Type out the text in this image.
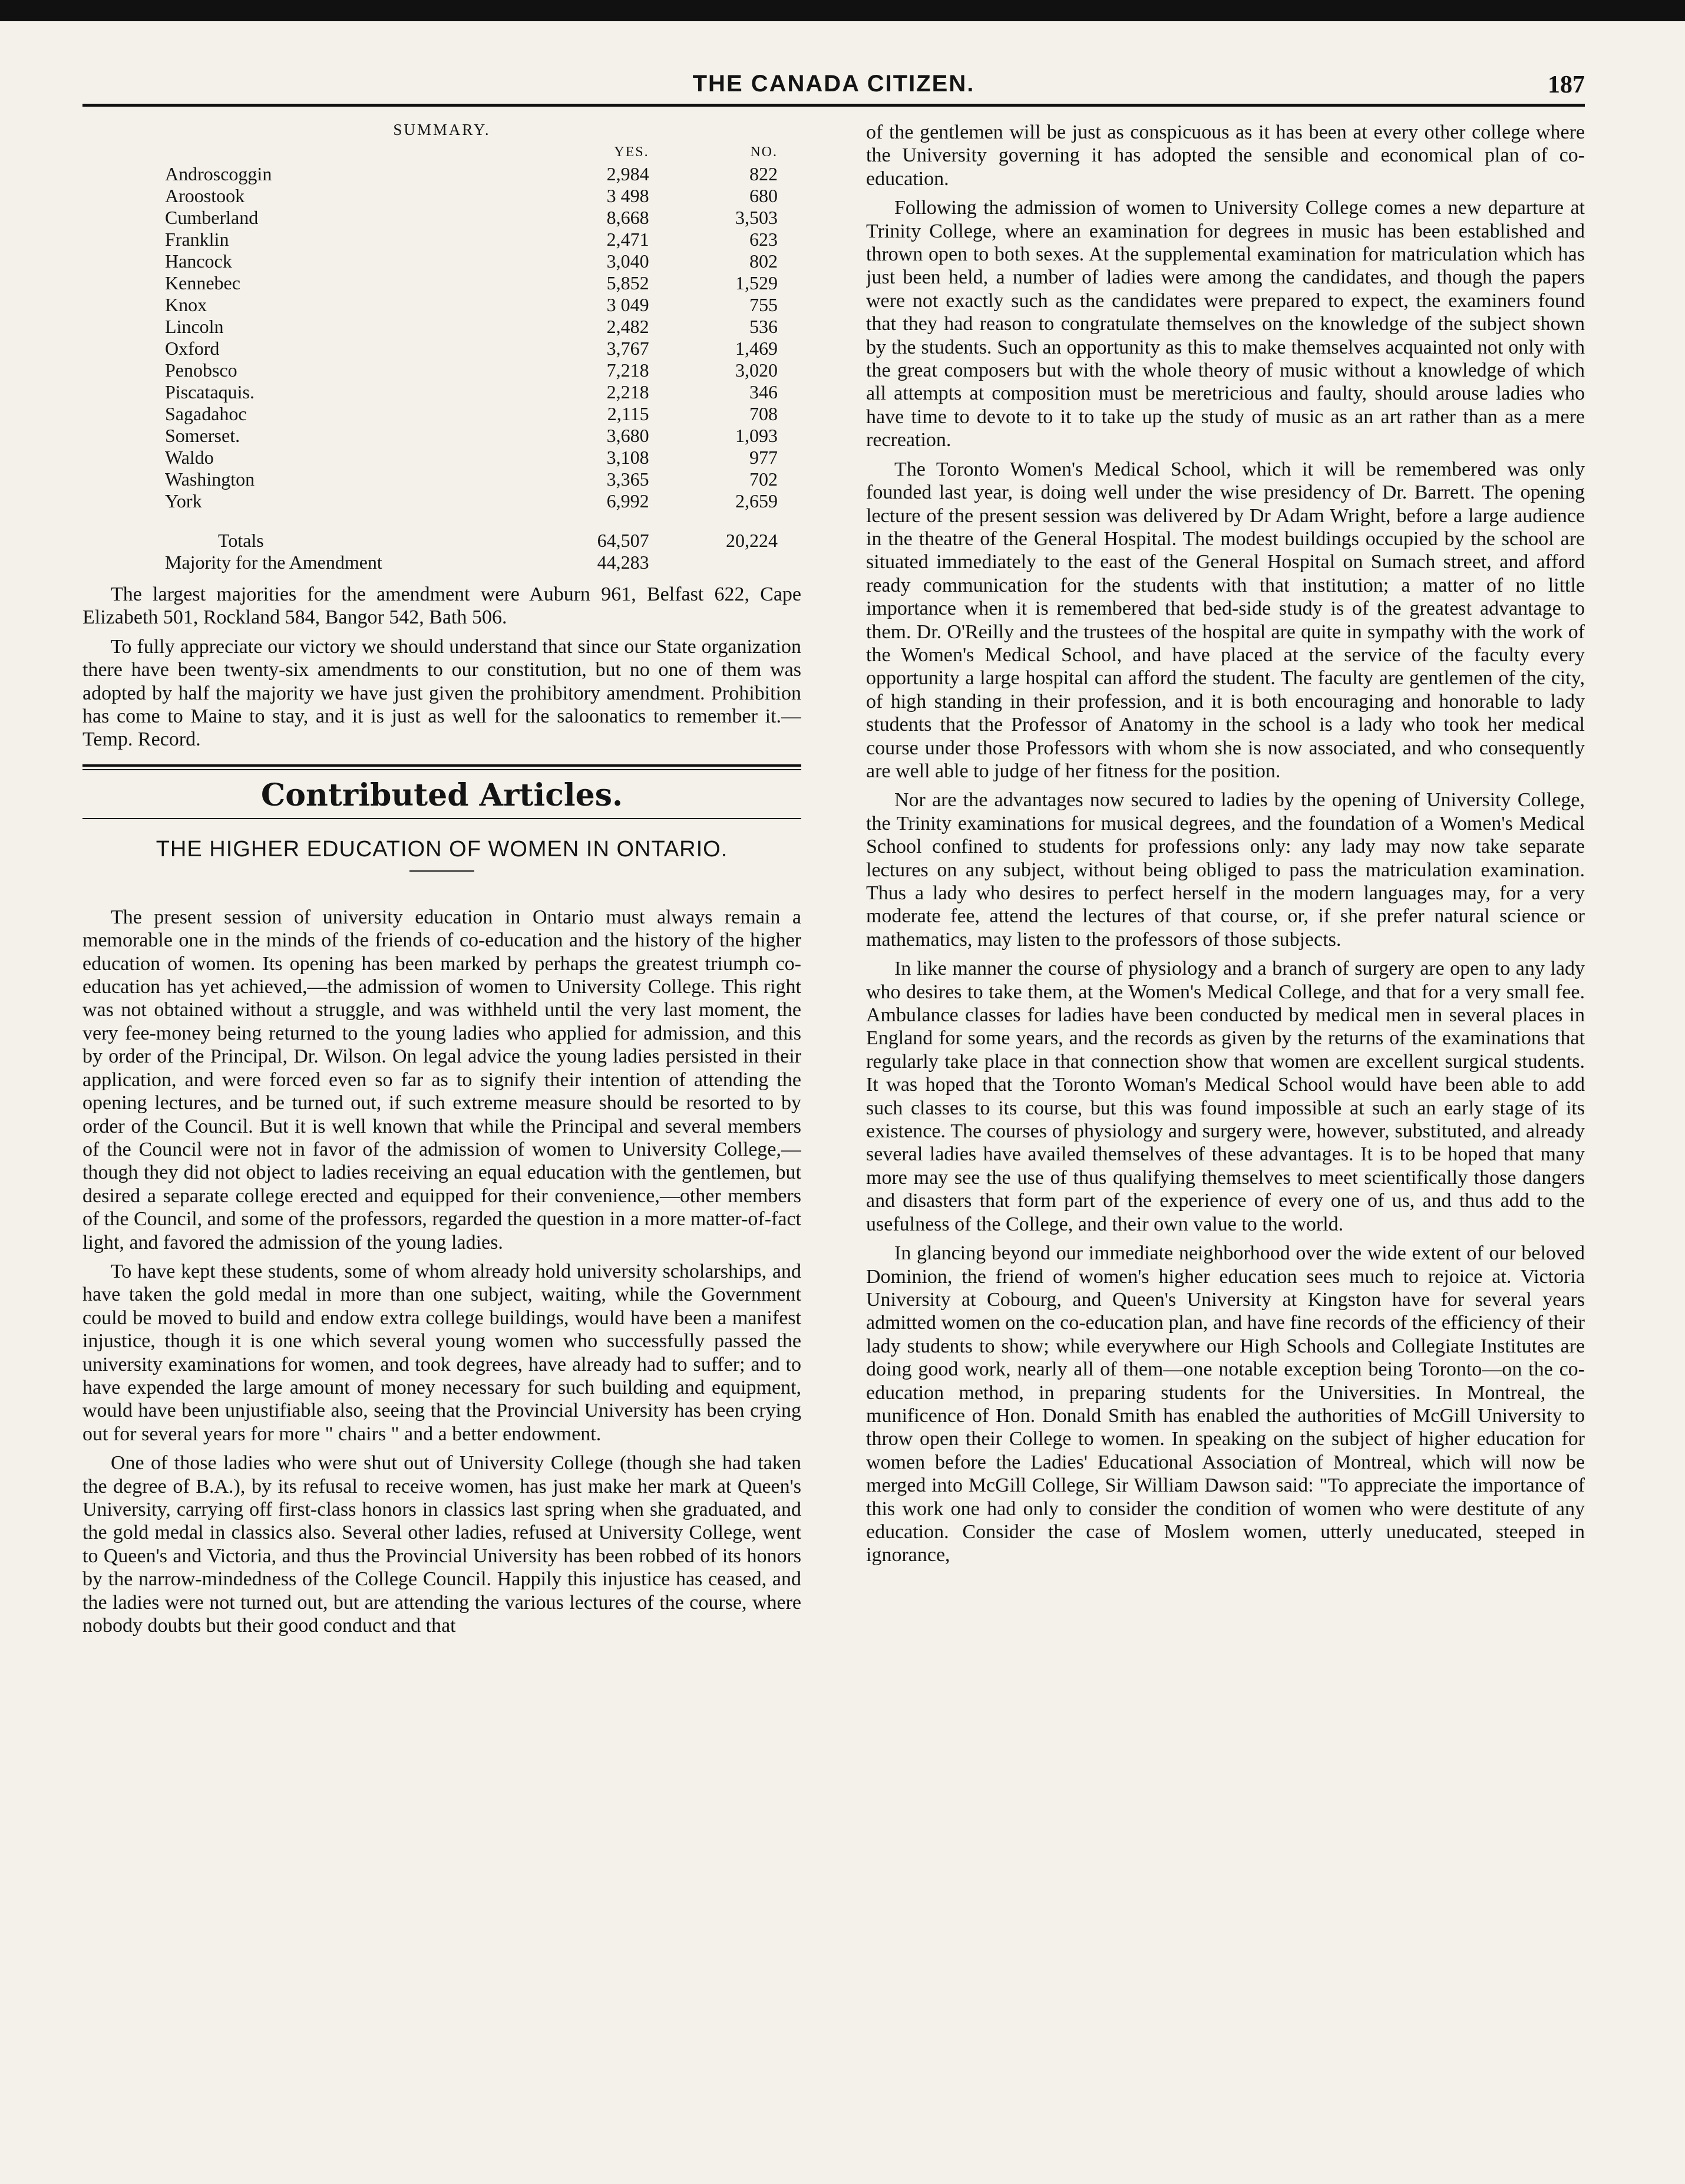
THE CANADA CITIZEN.	187
SUMMARY.
	YES.	NO.
Androscoggin	2,984	822
Aroostook	3 498	680
Cumberland	8,668	3,503
Franklin	2,471	623
Hancock	3,040	802
Kennebec	5,852	1,529
Knox	3 049	755
Lincoln	2,482	536
Oxford	3,767	1,469
Penobsco	7,218	3,020
Piscataquis.	2,218	346
Sagadahoc	2,115	708
Somerset.	3,680	1,093
Waldo	3,108	977
Washington	3,365	702
York	6,992	2,659

Totals	64,507	20,224
Majority for the Amendment	44,283	

The largest majorities for the amendment were Auburn 961, Belfast 622, Cape Elizabeth 501, Rockland 584, Bangor 542, Bath 506.

To fully appreciate our victory we should understand that since our State organization there have been twenty-six amendments to our constitution, but no one of them was adopted by half the majority we have just given the prohibitory amendment. Prohibition has come to Maine to stay, and it is just as well for the saloonatics to remember it.—Temp. Record.

Contributed Articles.
THE HIGHER EDUCATION OF WOMEN IN ONTARIO.

The present session of university education in Ontario must always remain a memorable one in the minds of the friends of co-education and the history of the higher education of women. Its opening has been marked by perhaps the greatest triumph co-education has yet achieved,—the admission of women to University College. This right was not obtained without a struggle, and was withheld until the very last moment, the very fee-money being returned to the young ladies who applied for admission, and this by order of the Principal, Dr. Wilson. On legal advice the young ladies persisted in their application, and were forced even so far as to signify their intention of attending the opening lectures, and be turned out, if such extreme measure should be resorted to by order of the Council. But it is well known that while the Principal and several members of the Council were not in favor of the admission of women to University College,—though they did not object to ladies receiving an equal education with the gentlemen, but desired a separate college erected and equipped for their convenience,—other members of the Council, and some of the professors, regarded the question in a more matter-of-fact light, and favored the admission of the young ladies.

To have kept these students, some of whom already hold university scholarships, and have taken the gold medal in more than one subject, waiting, while the Government could be moved to build and endow extra college buildings, would have been a manifest injustice, though it is one which several young women who successfully passed the university examinations for women, and took degrees, have already had to suffer; and to have expended the large amount of money necessary for such building and equipment, would have been unjustifiable also, seeing that the Provincial University has been crying out for several years for more " chairs " and a better endowment.

One of those ladies who were shut out of University College (though she had taken the degree of B.A.), by its refusal to receive women, has just make her mark at Queen's University, carrying off first-class honors in classics last spring when she graduated, and the gold medal in classics also. Several other ladies, refused at University College, went to Queen's and Victoria, and thus the Provincial University has been robbed of its honors by the narrow-mindedness of the College Council. Happily this injustice has ceased, and the ladies were not turned out, but are attending the various lectures of the course, where nobody doubts but their good conduct and that

of the gentlemen will be just as conspicuous as it has been at every other college where the University governing it has adopted the sensible and economical plan of co-education.

Following the admission of women to University College comes a new departure at Trinity College, where an examination for degrees in music has been established and thrown open to both sexes. At the supplemental examination for matriculation which has just been held, a number of ladies were among the candidates, and though the papers were not exactly such as the candidates were prepared to expect, the examiners found that they had reason to congratulate themselves on the knowledge of the subject shown by the students. Such an opportunity as this to make themselves acquainted not only with the great composers but with the whole theory of music without a knowledge of which all attempts at composition must be meretricious and faulty, should arouse ladies who have time to devote to it to take up the study of music as an art rather than as a mere recreation.

The Toronto Women's Medical School, which it will be remembered was only founded last year, is doing well under the wise presidency of Dr. Barrett. The opening lecture of the present session was delivered by Dr Adam Wright, before a large audience in the theatre of the General Hospital. The modest buildings occupied by the school are situated immediately to the east of the General Hospital on Sumach street, and afford ready communication for the students with that institution; a matter of no little importance when it is remembered that bed-side study is of the greatest advantage to them. Dr. O'Reilly and the trustees of the hospital are quite in sympathy with the work of the Women's Medical School, and have placed at the service of the faculty every opportunity a large hospital can afford the student. The faculty are gentlemen of the city, of high standing in their profession, and it is both encouraging and honorable to lady students that the Professor of Anatomy in the school is a lady who took her medical course under those Professors with whom she is now associated, and who consequently are well able to judge of her fitness for the position.

Nor are the advantages now secured to ladies by the opening of University College, the Trinity examinations for musical degrees, and the foundation of a Women's Medical School confined to students for professions only: any lady may now take separate lectures on any subject, without being obliged to pass the matriculation examination. Thus a lady who desires to perfect herself in the modern languages may, for a very moderate fee, attend the lectures of that course, or, if she prefer natural science or mathematics, may listen to the professors of those subjects.

In like manner the course of physiology and a branch of surgery are open to any lady who desires to take them, at the Women's Medical College, and that for a very small fee. Ambulance classes for ladies have been conducted by medical men in several places in England for some years, and the records as given by the returns of the examinations that regularly take place in that connection show that women are excellent surgical students. It was hoped that the Toronto Woman's Medical School would have been able to add such classes to its course, but this was found impossible at such an early stage of its existence. The courses of physiology and surgery were, however, substituted, and already several ladies have availed themselves of these advantages. It is to be hoped that many more may see the use of thus qualifying themselves to meet scientifically those dangers and disasters that form part of the experience of every one of us, and thus add to the usefulness of the College, and their own value to the world.

In glancing beyond our immediate neighborhood over the wide extent of our beloved Dominion, the friend of women's higher education sees much to rejoice at. Victoria University at Cobourg, and Queen's University at Kingston have for several years admitted women on the co-education plan, and have fine records of the efficiency of their lady students to show; while everywhere our High Schools and Collegiate Institutes are doing good work, nearly all of them—one notable exception being Toronto—on the co-education method, in preparing students for the Universities. In Montreal, the munificence of Hon. Donald Smith has enabled the authorities of McGill University to throw open their College to women. In speaking on the subject of higher education for women before the Ladies' Educational Association of Montreal, which will now be merged into McGill College, Sir William Dawson said: "To appreciate the importance of this work one had only to consider the condition of women who were destitute of any education. Consider the case of Moslem women, utterly uneducated, steeped in ignorance,
